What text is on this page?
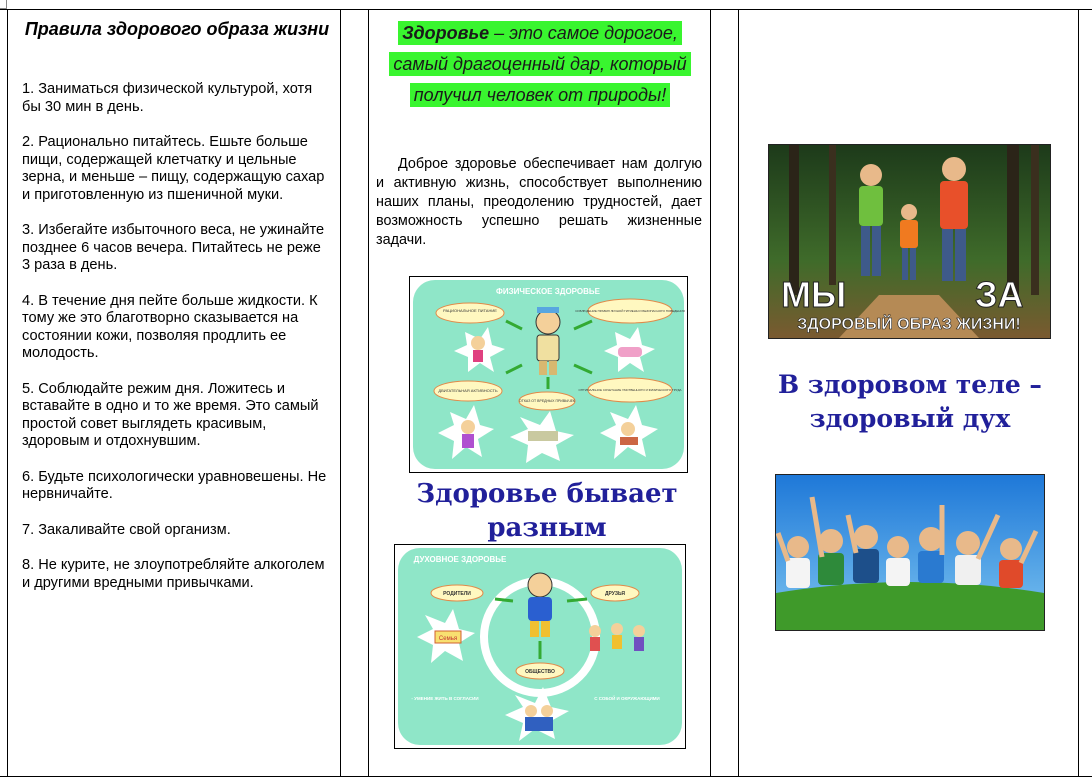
Правила здорового образа жизни

1. Заниматься физической культурой, хотя бы 30 мин в день.

2. Рационально питайтесь. Ешьте больше пищи, содержащей клетчатку и цельные зерна, и меньше – пищу, содержащую сахар и приготовленную из пшеничной муки.

3. Избегайте избыточного веса, не ужинайте позднее 6 часов вечера. Питайтесь не реже 3 раза в день.

4. В течение дня пейте больше жидкости. К тому же это благотворно сказывается на состоянии кожи, позволяя продлить ее молодость.

5. Соблюдайте режим дня. Ложитесь и вставайте в одно и то же время. Это самый простой совет выглядеть красивым, здоровым и отдохнувшим.

6. Будьте психологически уравновешены. Не нервничайте.

7. Закаливайте свой организм.

8. Не курите, не злоупотребляйте алкоголем и другими вредными привычками.

Здоровье – это самое дорогое,
самый драгоценный дар, который
получил человек от природы!

Доброе здоровье обеспечивает нам долгую и активную жизнь, способствует выполнению наших планы, преодолению трудностей, дает возможность успешно решать жизненные задачи.

ФИЗИЧЕСКОЕ ЗДОРОВЬЕ
РАЦИОНАЛЬНОЕ ПИТАНИЕ	СОБЛЮДЕНИЕ ПРАВИЛ ЛИЧНОЙ ГИГИЕНЫ И БЕЗОПАСНОГО ПОВЕДЕНИЯ
ДВИГАТЕЛЬНАЯ АКТИВНОСТЬ	ОПТИМАЛЬНОЕ СОЧЕТАНИЕ УМСТВЕННОГО И ФИЗИЧЕСКОГО ТРУДА
ОТКАЗ ОТ ВРЕДНЫХ ПРИВЫЧЕК
Здоровье бывает
разным
ДУХОВНОЕ ЗДОРОВЬЕ
РОДИТЕЛИ	ДРУЗЬЯ
ОБЩЕСТВО
- УМЕНИЕ ЖИТЬ В СОГЛАСИИ	С СОБОЙ И ОКРУЖАЮЩИМИ
Семья
МЫ	ЗА
ЗДОРОВЫЙ ОБРАЗ ЖИЗНИ!
В здоровом теле –
здоровый дух
